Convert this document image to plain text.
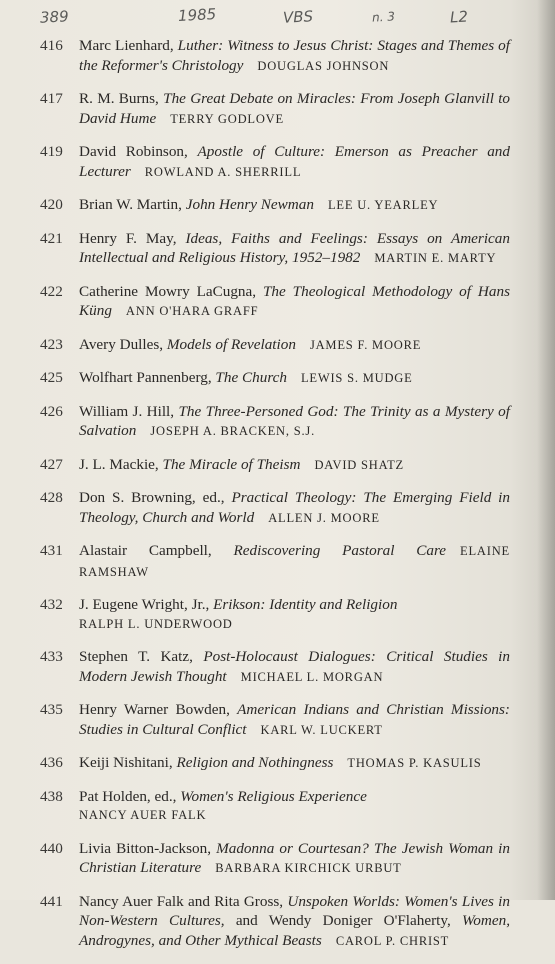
389	1985	VBS	n. 3	L2
416	Marc Lienhard, Luther: Witness to Jesus Christ: Stages and Themes of the Reformer's Christology DOUGLAS JOHNSON
417	R. M. Burns, The Great Debate on Miracles: From Joseph Glanvill to David Hume TERRY GODLOVE
419	David Robinson, Apostle of Culture: Emerson as Preacher and Lecturer ROWLAND A. SHERRILL
420	Brian W. Martin, John Henry Newman LEE U. YEARLEY
421	Henry F. May, Ideas, Faiths and Feelings: Essays on American Intellectual and Religious History, 1952–1982 MARTIN E. MARTY
422	Catherine Mowry LaCugna, The Theological Methodology of Hans Küng ANN O'HARA GRAFF
423	Avery Dulles, Models of Revelation JAMES F. MOORE
425	Wolfhart Pannenberg, The Church LEWIS S. MUDGE
426	William J. Hill, The Three-Personed God: The Trinity as a Mystery of Salvation JOSEPH A. BRACKEN, S.J.
427	J. L. Mackie, The Miracle of Theism DAVID SHATZ
428	Don S. Browning, ed., Practical Theology: The Emerging Field in Theology, Church and World ALLEN J. MOORE
431	Alastair Campbell, Rediscovering Pastoral Care ELAINE RAMSHAW
432	J. Eugene Wright, Jr., Erikson: Identity and Religion
RALPH L. UNDERWOOD
433	Stephen T. Katz, Post-Holocaust Dialogues: Critical Studies in Modern Jewish Thought MICHAEL L. MORGAN
435	Henry Warner Bowden, American Indians and Christian Missions: Studies in Cultural Conflict KARL W. LUCKERT
436	Keiji Nishitani, Religion and Nothingness THOMAS P. KASULIS
438	Pat Holden, ed., Women's Religious Experience
NANCY AUER FALK
440	Livia Bitton-Jackson, Madonna or Courtesan? The Jewish Woman in Christian Literature BARBARA KIRCHICK URBUT
441	Nancy Auer Falk and Rita Gross, Unspoken Worlds: Women's Lives in Non-Western Cultures, and Wendy Doniger O'Flaherty, Women, Androgynes, and Other Mythical Beasts CAROL P. CHRIST
